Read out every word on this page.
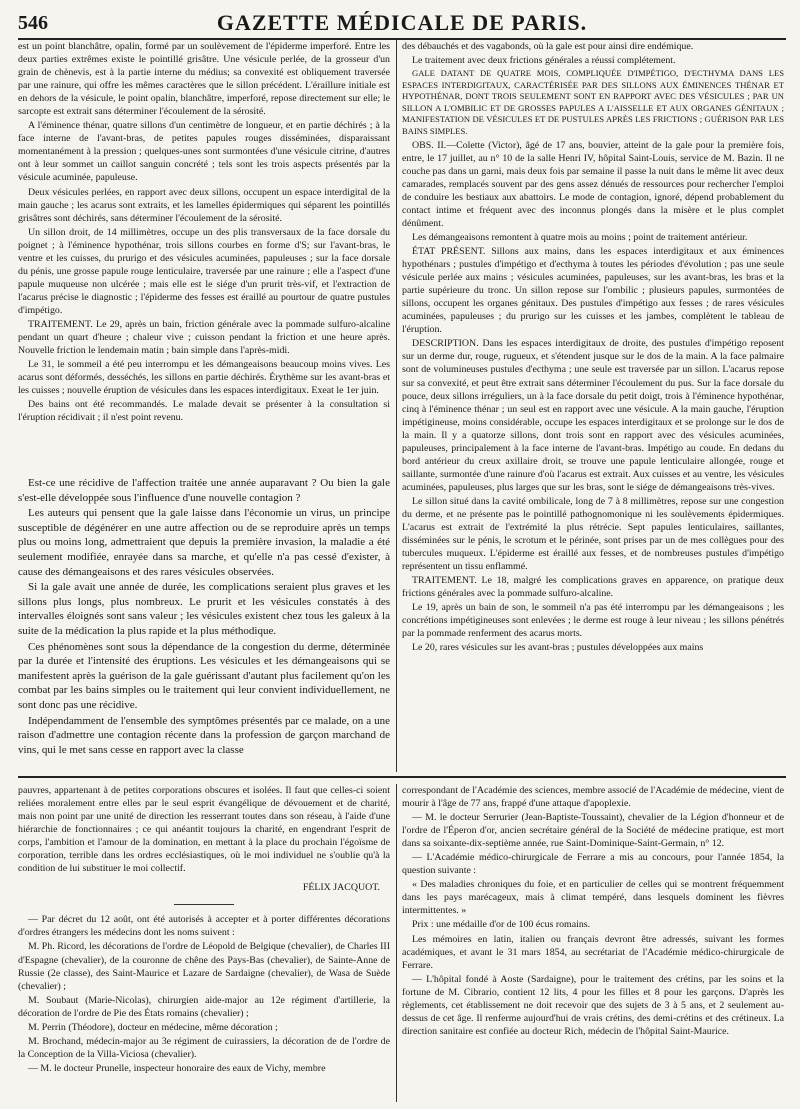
546	GAZETTE MÉDICALE DE PARIS.

est un point blanchâtre, opalin, formé par un soulèvement de l'épiderme imperforé. Entre les deux parties extrêmes existe le pointillé grisâtre. Une vésicule perlée, de la grosseur d'un grain de chènevis, est à la partie interne du médius; sa convexité est obliquement traversée par une rainure, qui offre les mêmes caractères que le sillon précédent. L'éraillure initiale est en dehors de la vésicule, le point opalin, blanchâtre, imperforé, repose directement sur elle; le sarcopte est extrait sans déterminer l'écoulement de la sérosité.

A l'éminence thénar, quatre sillons d'un centimètre de longueur, et en partie déchirés ; à la face interne de l'avant-bras, de petites papules rouges disséminées, disparaissant momentanément à la pression ; quelques-unes sont surmontées d'une vésicule citrine, d'autres ont à leur sommet un caillot sanguin concrété ; tels sont les trois aspects présentés par la vésicule acuminée, papuleuse.

Deux vésicules perlées, en rapport avec deux sillons, occupent un espace interdigital de la main gauche ; les acarus sont extraits, et les lamelles épidermiques qui séparent les pointillés grisâtres sont déchirés, sans déterminer l'écoulement de la sérosité.

Un sillon droit, de 14 millimètres, occupe un des plis transversaux de la face dorsale du poignet ; à l'éminence hypothénar, trois sillons courbes en forme d'S; sur l'avant-bras, le ventre et les cuisses, du prurigo et des vésicules acuminées, papuleuses ; sur la face dorsale du pénis, une grosse papule rouge lenticulaire, traversée par une rainure ; elle a l'aspect d'une papule muqueuse non ulcérée ; mais elle est le siége d'un prurit très-vif, et l'extraction de l'acarus précise le diagnostic ; l'épiderme des fesses est éraillé au pourtour de quatre pustules d'impétigo.

TRAITEMENT. Le 29, après un bain, friction générale avec la pommade sulfuro-alcaline pendant un quart d'heure ; chaleur vive ; cuisson pendant la friction et une heure après. Nouvelle friction le lendemain matin ; bain simple dans l'après-midi.

Le 31, le sommeil a été peu interrompu et les démangeaisons beaucoup moins vives. Les acarus sont déformés, desséchés, les sillons en partie déchirés. Érythème sur les avant-bras et les cuisses ; nouvelle éruption de vésicules dans les espaces interdigitaux. Exeat le 1er juin.

Des bains ont été recommandés. Le malade devait se présenter à la consultation si l'éruption récidivait ; il n'est point revenu.

Est-ce une récidive de l'affection traitée une année auparavant ? Ou bien la gale s'est-elle développée sous l'influence d'une nouvelle contagion ?

Les auteurs qui pensent que la gale laisse dans l'économie un virus, un principe susceptible de dégénérer en une autre affection ou de se reproduire après un temps plus ou moins long, admettraient que depuis la première invasion, la maladie a été seulement modifiée, enrayée dans sa marche, et qu'elle n'a pas cessé d'exister, à cause des démangeaisons et des rares vésicules observées.

Si la gale avait une année de durée, les complications seraient plus graves et les sillons plus longs, plus nombreux. Le prurit et les vésicules constatés à des intervalles éloignés sont sans valeur ; les vésicules existent chez tous les galeux à la suite de la médication la plus rapide et la plus méthodique.

Ces phénomènes sont sous la dépendance de la congestion du derme, déterminée par la durée et l'intensité des éruptions. Les vésicules et les démangeaisons qui se manifestent après la guérison de la gale guérissant d'autant plus facilement qu'on les combat par les bains simples ou le traitement qui leur convient individuellement, ne sont donc pas une récidive.

Indépendamment de l'ensemble des symptômes présentés par ce malade, on a une raison d'admettre une contagion récente dans la profession de garçon marchand de vins, qui le met sans cesse en rapport avec la classe

des débauchés et des vagabonds, où la gale est pour ainsi dire endémique.

Le traitement avec deux frictions générales a réussi complétement.

GALE DATANT DE QUATRE MOIS, COMPLIQUÉE D'IMPÉTIGO, D'ECTHYMA DANS LES ESPACES INTERDIGITAUX, CARACTÉRISÉE PAR DES SILLONS AUX ÉMINENCES THÉNAR ET HYPOTHÉNAR, DONT TROIS SEULEMENT SONT EN RAPPORT AVEC DES VÉSICULES ; PAR UN SILLON A L'OMBILIC ET DE GROSSES PAPULES A L'AISSELLE ET AUX ORGANES GÉNITAUX ; MANIFESTATION DE VÉSICULES ET DE PUSTULES APRÈS LES FRICTIONS ; GUÉRISON PAR LES BAINS SIMPLES.

OBS. II.—Colette (Victor), âgé de 17 ans, bouvier, atteint de la gale pour la première fois, entre, le 17 juillet, au n° 10 de la salle Henri IV, hôpital Saint-Louis, service de M. Bazin. Il ne couche pas dans un garni, mais deux fois par semaine il passe la nuit dans le même lit avec deux camarades, remplacés souvent par des gens assez dénués de ressources pour rechercher l'emploi de conduire les bestiaux aux abattoirs. Le mode de contagion, ignoré, dépend probablement du contact intime et fréquent avec des inconnus plongés dans la misère et le plus complet dénûment.

Les démangeaisons remontent à quatre mois au moins ; point de traitement antérieur.

ÉTAT PRÉSENT. Sillons aux mains, dans les espaces interdigitaux et aux éminences hypothénars ; pustules d'impétigo et d'ecthyma à toutes les périodes d'évolution ; pas une seule vésicule perlée aux mains ; vésicules acuminées, papuleuses, sur les avant-bras, les bras et la partie supérieure du tronc. Un sillon repose sur l'ombilic ; plusieurs papules, surmontées de sillons, occupent les organes génitaux. Des pustules d'impétigo aux fesses ; de rares vésicules acuminées, papuleuses ; du prurigo sur les cuisses et les jambes, complètent le tableau de l'éruption.

DESCRIPTION. Dans les espaces interdigitaux de droite, des pustules d'impétigo reposent sur un derme dur, rouge, rugueux, et s'étendent jusque sur le dos de la main. A la face palmaire sont de volumineuses pustules d'ecthyma ; une seule est traversée par un sillon. L'acarus repose sur sa convexité, et peut être extrait sans déterminer l'écoulement du pus. Sur la face dorsale du pouce, deux sillons irréguliers, un à la face dorsale du petit doigt, trois à l'éminence hypothénar, cinq à l'éminence thénar ; un seul est en rapport avec une vésicule. A la main gauche, l'éruption impétigineuse, moins considérable, occupe les espaces interdigitaux et se prolonge sur le dos de la main. Il y a quatorze sillons, dont trois sont en rapport avec des vésicules acuminées, papuleuses, principalement à la face interne de l'avant-bras. Impétigo au coude. En dedans du bord antérieur du creux axillaire droit, se trouve une papule lenticulaire allongée, rouge et saillante, surmontée d'une rainure d'où l'acarus est extrait. Aux cuisses et au ventre, les vésicules acuminées, papuleuses, plus larges que sur les bras, sont le siége de démangeaisons très-vives.

Le sillon situé dans la cavité ombilicale, long de 7 à 8 millimètres, repose sur une congestion du derme, et ne présente pas le pointillé pathognomonique ni les soulèvements épidermiques. L'acarus est extrait de l'extrémité la plus rétrécie. Sept papules lenticulaires, saillantes, disséminées sur le pénis, le scrotum et le périnée, sont prises par un de mes collègues pour des tubercules muqueux. L'épiderme est éraillé aux fesses, et de nombreuses pustules d'impétigo représentent un tissu enflammé.

TRAITEMENT. Le 18, malgré les complications graves en apparence, on pratique deux frictions générales avec la pommade sulfuro-alcaline.

Le 19, après un bain de son, le sommeil n'a pas été interrompu par les démangeaisons ; les concrétions impétigineuses sont enlevées ; le derme est rouge à leur niveau ; les sillons pénétrés par la pommade renferment des acarus morts.

Le 20, rares vésicules sur les avant-bras ; pustules développées aux mains

pauvres, appartenant à de petites corporations obscures et isolées. Il faut que celles-ci soient reliées moralement entre elles par le seul esprit évangélique de dévouement et de charité, mais non point par une unité de direction les resserrant toutes dans son réseau, à l'aide d'une hiérarchie de fonctionnaires ; ce qui anéantit toujours la charité, en engendrant l'esprit de corps, l'ambition et l'amour de la domination, en mettant à la place du prochain l'égoïsme de corporation, terrible dans les ordres ecclésiastiques, où le moi individuel ne s'oublie qu'à la condition de lui substituer le moi collectif.

FÉLIX JACQUOT.

— Par décret du 12 août, ont été autorisés à accepter et à porter différentes décorations d'ordres étrangers les médecins dont les noms suivent :

M. Ph. Ricord, les décorations de l'ordre de Léopold de Belgique (chevalier), de Charles III d'Espagne (chevalier), de la couronne de chêne des Pays-Bas (chevalier), de Sainte-Anne de Russie (2e classe), des Saint-Maurice et Lazare de Sardaigne (chevalier), de Wasa de Suède (chevalier) ;

M. Soubaut (Marie-Nicolas), chirurgien aide-major au 12e régiment d'artillerie, la décoration de l'ordre de Pie des États romains (chevalier) ;

M. Perrin (Théodore), docteur en médecine, même décoration ;

M. Brochand, médecin-major au 3e régiment de cuirassiers, la décoration de de l'ordre de la Conception de la Villa-Viciosa (chevalier).

— M. le docteur Prunelle, inspecteur honoraire des eaux de Vichy, membre

correspondant de l'Académie des sciences, membre associé de l'Académie de médecine, vient de mourir à l'âge de 77 ans, frappé d'une attaque d'apoplexie.

— M. le docteur Serrurier (Jean-Baptiste-Toussaint), chevalier de la Légion d'honneur et de l'ordre de l'Éperon d'or, ancien secrétaire général de la Société de médecine pratique, est mort dans sa soixante-dix-septième année, rue Saint-Dominique-Saint-Germain, n° 12.

— L'Académie médico-chirurgicale de Ferrare a mis au concours, pour l'année 1854, la question suivante :

« Des maladies chroniques du foie, et en particulier de celles qui se montrent fréquemment dans les pays marécageux, mais à climat tempéré, dans lesquels dominent les fièvres intermittentes. »

Prix : une médaille d'or de 100 écus romains.

Les mémoires en latin, italien ou français devront être adressés, suivant les formes académiques, et avant le 31 mars 1854, au secrétariat de l'Académie médico-chirurgicale de Ferrare.

— L'hôpital fondé à Aoste (Sardaigne), pour le traitement des crétins, par les soins et la fortune de M. Cibrario, contient 12 lits, 4 pour les filles et 8 pour les garçons. D'après les règlements, cet établissement ne doit recevoir que des sujets de 3 à 5 ans, et 2 seulement au-dessus de cet âge. Il renferme aujourd'hui de vrais crétins, des demi-crétins et des crétineux. La direction sanitaire est confiée au docteur Rich, médecin de l'hôpital Saint-Maurice.
